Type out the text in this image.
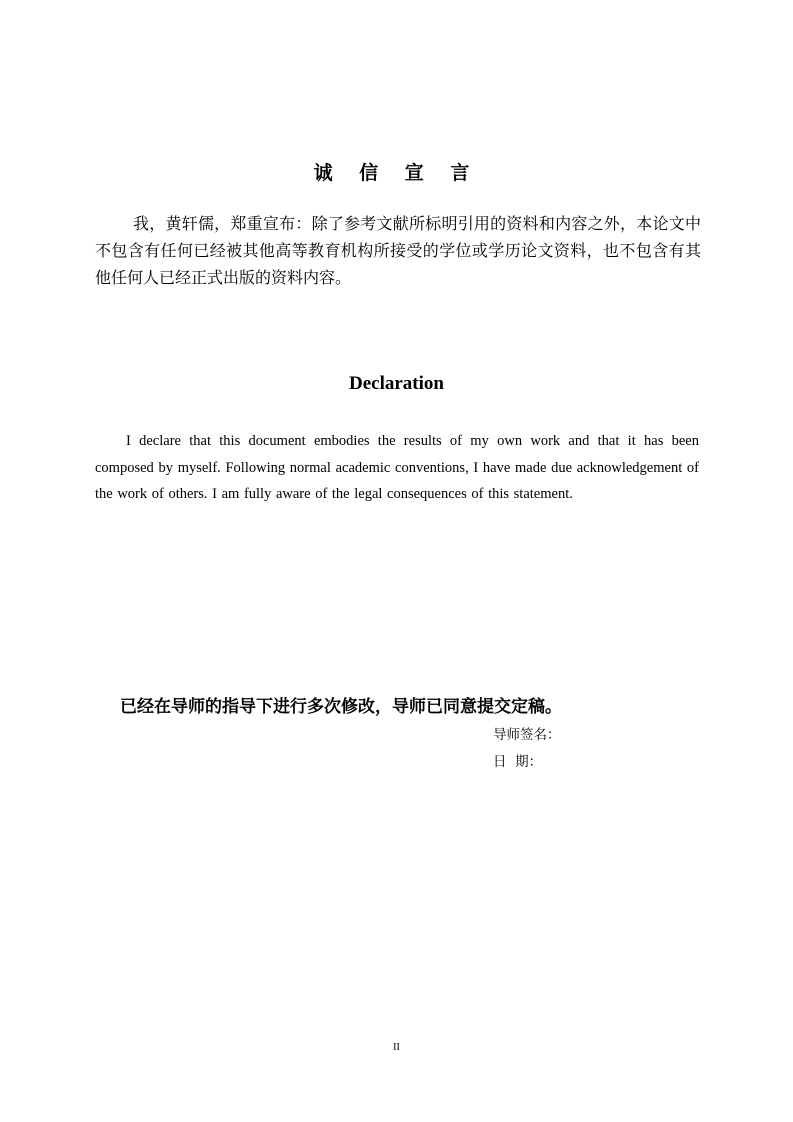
诚 信 宣 言
我，黄轩儒，郑重宣布：除了参考文献所标明引用的资料和内容之外，本论文中不包含有任何已经被其他高等教育机构所接受的学位或学历论文资料，也不包含有其他任何人已经正式出版的资料内容。
Declaration
I declare that this document embodies the results of my own work and that it has been composed by myself. Following normal academic conventions, I have made due acknowledgement of the work of others. I am fully aware of the legal consequences of this statement.
已经在导师的指导下进行多次修改，导师已同意提交定稿。
导师签名：
日  期：
II
